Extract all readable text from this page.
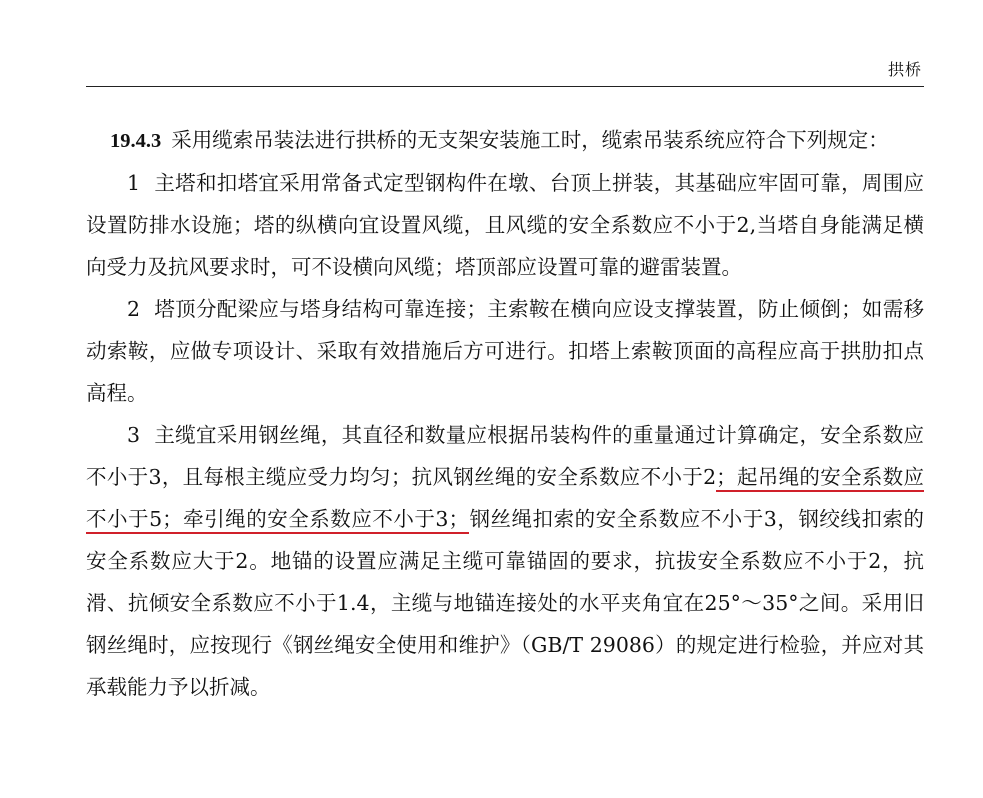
拱桥

19.4.3 采用缆索吊装法进行拱桥的无支架安装施工时，缆索吊装系统应符合下列规定：

1 主塔和扣塔宜采用常备式定型钢构件在墩、台顶上拼装，其基础应牢固可靠，周围应设置防排水设施；塔的纵横向宜设置风缆，且风缆的安全系数应不小于2,当塔自身能满足横向受力及抗风要求时，可不设横向风缆；塔顶部应设置可靠的避雷装置。

2 塔顶分配梁应与塔身结构可靠连接；主索鞍在横向应设支撑装置，防止倾倒；如需移动索鞍，应做专项设计、采取有效措施后方可进行。扣塔上索鞍顶面的高程应高于拱肋扣点高程。

3 主缆宜采用钢丝绳，其直径和数量应根据吊装构件的重量通过计算确定，安全系数应不小于3，且每根主缆应受力均匀；抗风钢丝绳的安全系数应不小于2；起吊绳的安全系数应不小于5；牵引绳的安全系数应不小于3；钢丝绳扣索的安全系数应不小于3，钢绞线扣索的安全系数应大于2。地锚的设置应满足主缆可靠锚固的要求，抗拔安全系数应不小于2，抗滑、抗倾安全系数应不小于1.4，主缆与地锚连接处的水平夹角宜在25°～35°之间。采用旧钢丝绳时，应按现行《钢丝绳安全使用和维护》（GB/T 29086）的规定进行检验，并应对其承载能力予以折减。
